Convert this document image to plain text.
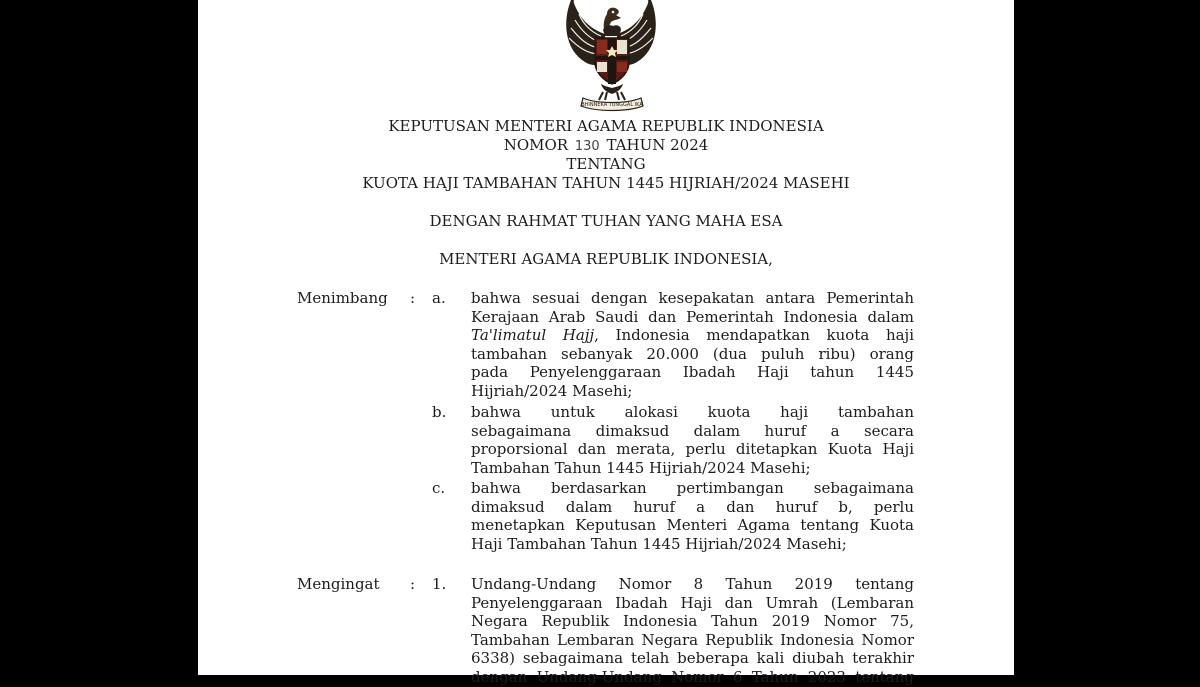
BHINNEKA TUNGGAL IKA
KEPUTUSAN MENTERI AGAMA REPUBLIK INDONESIA
NOMOR 130 TAHUN 2024
TENTANG
KUOTA HAJI TAMBAHAN TAHUN 1445 HIJRIAH/2024 MASEHI
DENGAN RAHMAT TUHAN YANG MAHA ESA
MENTERI AGAMA REPUBLIK INDONESIA,
Menimbang : a. bahwa sesuai dengan kesepakatan antara Pemerintah
Kerajaan Arab Saudi dan Pemerintah Indonesia dalam
Ta'limatul Hajj, Indonesia mendapatkan kuota haji
tambahan sebanyak 20.000 (dua puluh ribu) orang
pada Penyelenggaraan Ibadah Haji tahun 1445
Hijriah/2024 Masehi;
b. bahwa untuk alokasi kuota haji tambahan
sebagaimana dimaksud dalam huruf a secara
proporsional dan merata, perlu ditetapkan Kuota Haji
Tambahan Tahun 1445 Hijriah/2024 Masehi;
c. bahwa berdasarkan pertimbangan sebagaimana
dimaksud dalam huruf a dan huruf b, perlu
menetapkan Keputusan Menteri Agama tentang Kuota
Haji Tambahan Tahun 1445 Hijriah/2024 Masehi;
Mengingat : 1. Undang-Undang Nomor 8 Tahun 2019 tentang
Penyelenggaraan Ibadah Haji dan Umrah (Lembaran
Negara Republik Indonesia Tahun 2019 Nomor 75,
Tambahan Lembaran Negara Republik Indonesia Nomor
6338) sebagaimana telah beberapa kali diubah terakhir
dengan Undang-Undang Nomor 6 Tahun 2023 tentang
